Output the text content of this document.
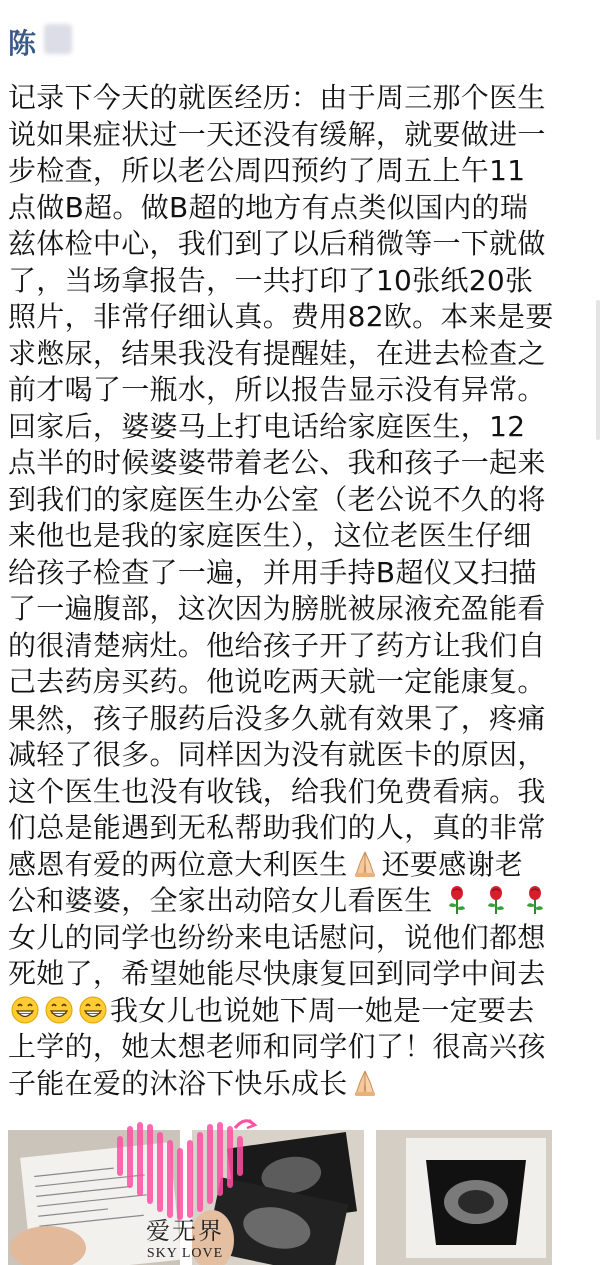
陈
记录下今天的就医经历：由于周三那个医生
说如果症状过一天还没有缓解，就要做进一
步检查，所以老公周四预约了周五上午11
点做B超。做B超的地方有点类似国内的瑞
兹体检中心，我们到了以后稍微等一下就做
了，当场拿报告，一共打印了10张纸20张
照片，非常仔细认真。费用82欧。本来是要
求憋尿，结果我没有提醒娃，在进去检查之
前才喝了一瓶水，所以报告显示没有异常。
回家后，婆婆马上打电话给家庭医生，12
点半的时候婆婆带着老公、我和孩子一起来
到我们的家庭医生办公室（老公说不久的将
来他也是我的家庭医生），这位老医生仔细
给孩子检查了一遍，并用手持B超仪又扫描
了一遍腹部，这次因为膀胱被尿液充盈能看
的很清楚病灶。他给孩子开了药方让我们自
己去药房买药。他说吃两天就一定能康复。
果然，孩子服药后没多久就有效果了，疼痛
减轻了很多。同样因为没有就医卡的原因，
这个医生也没有收钱，给我们免费看病。我
们总是能遇到无私帮助我们的人，真的非常
感恩有爱的两位意大利医生 还要感谢老
公和婆婆，全家出动陪女儿看医生
女儿的同学也纷纷来电话慰问，说他们都想
死她了，希望她能尽快康复回到同学中间去
我女儿也说她下周一她是一定要去
上学的，她太想老师和同学们了！很高兴孩
子能在爱的沐浴下快乐成长
爱无界
SKY LOVE
